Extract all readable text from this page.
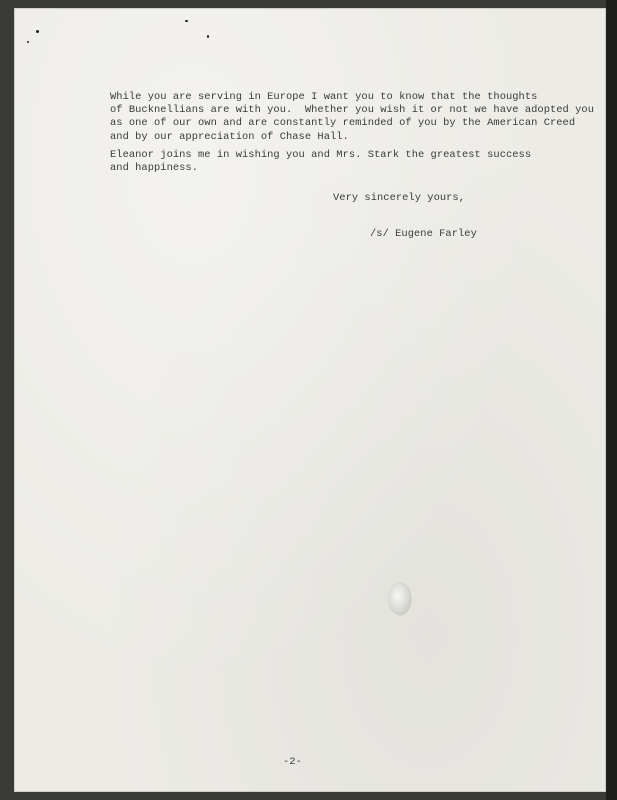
While you are serving in Europe I want you to know that the thoughts
of Bucknellians are with you.  Whether you wish it or not we have adopted you
as one of our own and are constantly reminded of you by the American Creed
and by our appreciation of Chase Hall.
Eleanor joins me in wishing you and Mrs. Stark the greatest success
and happiness.
Very sincerely yours,
/s/ Eugene Farley
-2-
